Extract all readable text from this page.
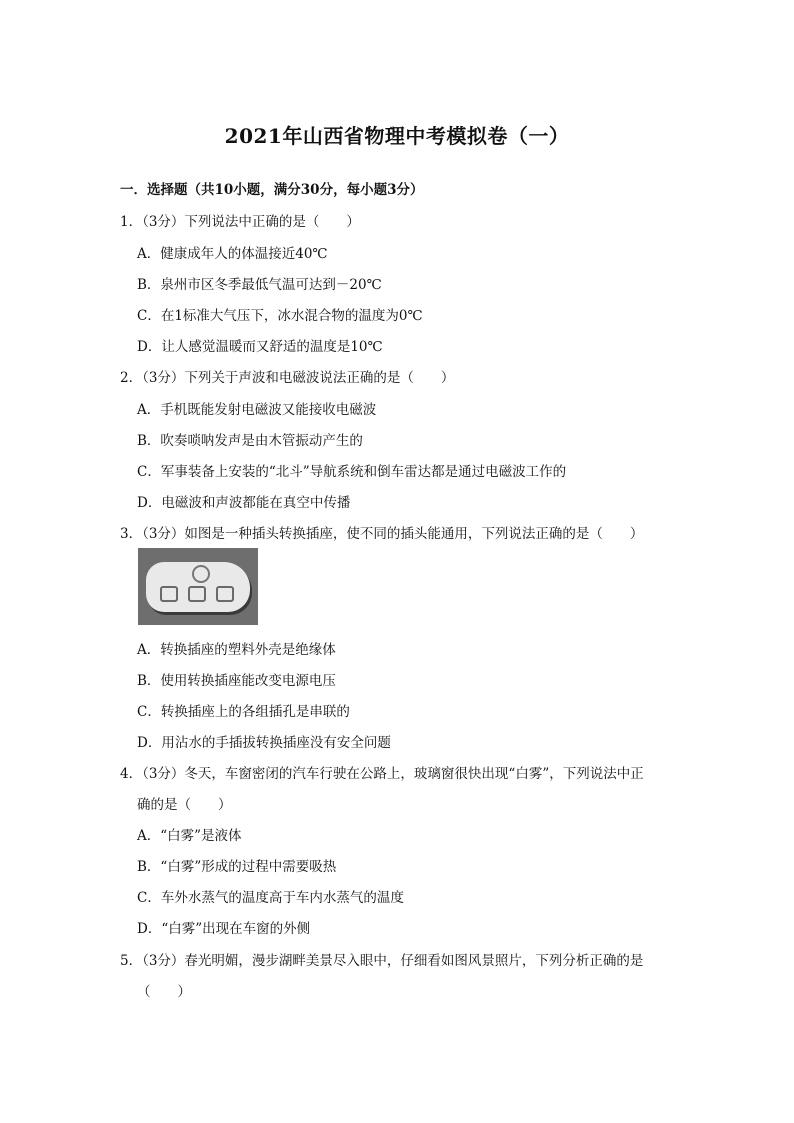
2021年山西省物理中考模拟卷（一）
一．选择题（共10小题，满分30分，每小题3分）
1．（3分）下列说法中正确的是（　　）
A．健康成年人的体温接近40℃
B．泉州市区冬季最低气温可达到－20℃
C．在1标准大气压下，冰水混合物的温度为0℃
D．让人感觉温暖而又舒适的温度是10℃
2．（3分）下列关于声波和电磁波说法正确的是（　　）
A．手机既能发射电磁波又能接收电磁波
B．吹奏唢呐发声是由木管振动产生的
C．军事装备上安装的“北斗”导航系统和倒车雷达都是通过电磁波工作的
D．电磁波和声波都能在真空中传播
3．（3分）如图是一种插头转换插座，使不同的插头能通用，下列说法正确的是（　　）
A．转换插座的塑料外壳是绝缘体
B．使用转换插座能改变电源电压
C．转换插座上的各组插孔是串联的
D．用沾水的手插拔转换插座没有安全问题
4．（3分）冬天，车窗密闭的汽车行驶在公路上，玻璃窗很快出现“白雾”，下列说法中正
确的是（　　）
A．“白雾”是液体
B．“白雾”形成的过程中需要吸热
C．车外水蒸气的温度高于车内水蒸气的温度
D．“白雾”出现在车窗的外侧
5．（3分）春光明媚，漫步湖畔美景尽入眼中，仔细看如图风景照片，下列分析正确的是
（　　）
